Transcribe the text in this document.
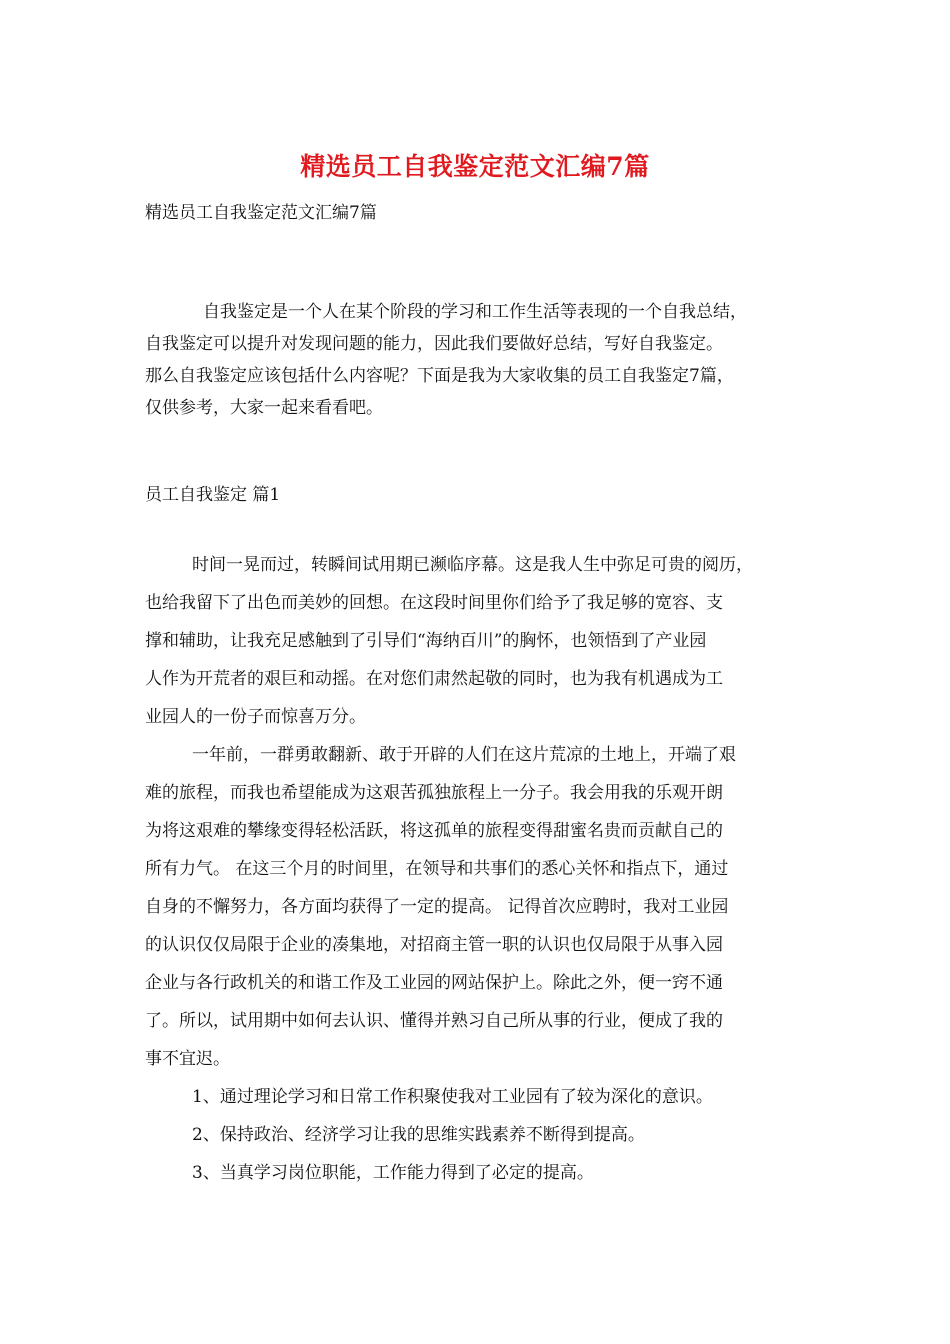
精选员工自我鉴定范文汇编7篇
精选员工自我鉴定范文汇编7篇
自我鉴定是一个人在某个阶段的学习和工作生活等表现的一个自我总结，
自我鉴定可以提升对发现问题的能力，因此我们要做好总结，写好自我鉴定。
那么自我鉴定应该包括什么内容呢？下面是我为大家收集的员工自我鉴定7篇，
仅供参考，大家一起来看看吧。
员工自我鉴定 篇1
时间一晃而过，转瞬间试用期已濒临序幕。这是我人生中弥足可贵的阅历，
也给我留下了出色而美妙的回想。在这段时间里你们给予了我足够的宽容、支
撑和辅助，让我充足感触到了引导们“海纳百川”的胸怀，也领悟到了产业园
人作为开荒者的艰巨和动摇。在对您们肃然起敬的同时，也为我有机遇成为工
业园人的一份子而惊喜万分。
一年前，一群勇敢翻新、敢于开辟的人们在这片荒凉的土地上，开端了艰
难的旅程，而我也希望能成为这艰苦孤独旅程上一分子。我会用我的乐观开朗
为将这艰难的攀缘变得轻松活跃，将这孤单的旅程变得甜蜜名贵而贡献自己的
所有力气。 在这三个月的时间里，在领导和共事们的悉心关怀和指点下，通过
自身的不懈努力，各方面均获得了一定的提高。 记得首次应聘时，我对工业园
的认识仅仅局限于企业的凑集地，对招商主管一职的认识也仅局限于从事入园
企业与各行政机关的和谐工作及工业园的网站保护上。除此之外，便一窍不通
了。所以，试用期中如何去认识、懂得并熟习自己所从事的行业，便成了我的
事不宜迟。
1、通过理论学习和日常工作积聚使我对工业园有了较为深化的意识。
2、保持政治、经济学习让我的思维实践素养不断得到提高。
3、当真学习岗位职能，工作能力得到了必定的提高。
